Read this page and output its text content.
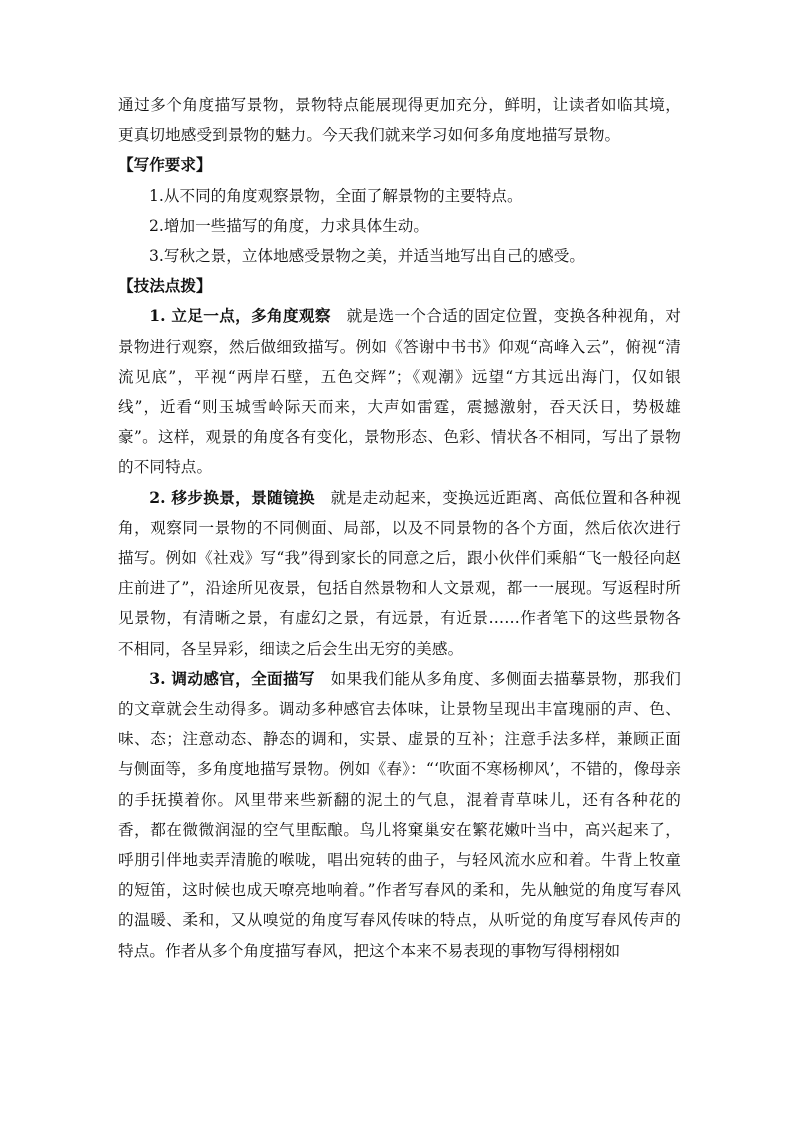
通过多个角度描写景物，景物特点能展现得更加充分，鲜明，让读者如临其境，更真切地感受到景物的魅力。今天我们就来学习如何多角度地描写景物。

【写作要求】

1.从不同的角度观察景物，全面了解景物的主要特点。

2.增加一些描写的角度，力求具体生动。

3.写秋之景，立体地感受景物之美，并适当地写出自己的感受。

【技法点拨】

1. 立足一点，多角度观察 就是选一个合适的固定位置，变换各种视角，对景物进行观察，然后做细致描写。例如《答谢中书书》仰观“高峰入云”，俯视“清流见底”，平视“两岸石壁，五色交辉”；《观潮》远望“方其远出海门，仅如银线”，近看“则玉城雪岭际天而来，大声如雷霆，震撼激射，吞天沃日，势极雄豪”。这样，观景的角度各有变化，景物形态、色彩、情状各不相同，写出了景物的不同特点。

2. 移步换景，景随镜换 就是走动起来，变换远近距离、高低位置和各种视角，观察同一景物的不同侧面、局部，以及不同景物的各个方面，然后依次进行描写。例如《社戏》写“我”得到家长的同意之后，跟小伙伴们乘船“飞一般径向赵庄前进了”，沿途所见夜景，包括自然景物和人文景观，都一一展现。写返程时所见景物，有清晰之景，有虚幻之景，有远景，有近景……作者笔下的这些景物各不相同，各呈异彩，细读之后会生出无穷的美感。

3. 调动感官，全面描写 如果我们能从多角度、多侧面去描摹景物，那我们的文章就会生动得多。调动多种感官去体味，让景物呈现出丰富瑰丽的声、色、味、态；注意动态、静态的调和，实景、虚景的互补；注意手法多样，兼顾正面与侧面等，多角度地描写景物。例如《春》：“‘吹面不寒杨柳风’，不错的，像母亲的手抚摸着你。风里带来些新翻的泥土的气息，混着青草味儿，还有各种花的香，都在微微润湿的空气里酝酿。鸟儿将窠巢安在繁花嫩叶当中，高兴起来了，呼朋引伴地卖弄清脆的喉咙，唱出宛转的曲子，与轻风流水应和着。牛背上牧童的短笛，这时候也成天嘹亮地响着。”作者写春风的柔和，先从触觉的角度写春风的温暖、柔和，又从嗅觉的角度写春风传味的特点，从听觉的角度写春风传声的特点。作者从多个角度描写春风，把这个本来不易表现的事物写得栩栩如
